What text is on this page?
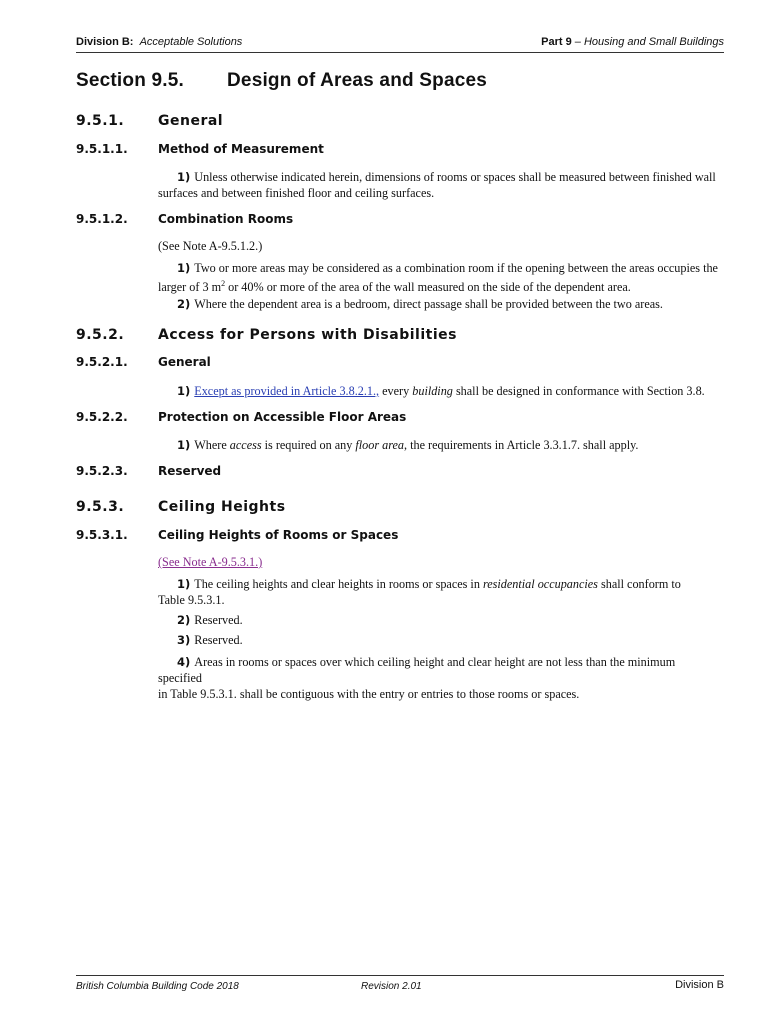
Division B: Acceptable Solutions	Part 9 – Housing and Small Buildings
Section 9.5. Design of Areas and Spaces
9.5.1. General
9.5.1.1.	Method of Measurement
1) Unless otherwise indicated herein, dimensions of rooms or spaces shall be measured between finished wall
surfaces and between finished floor and ceiling surfaces.
9.5.1.2.	Combination Rooms
(See Note A-9.5.1.2.)
1) Two or more areas may be considered as a combination room if the opening between the areas occupies the
larger of 3 $m^2$ or 40% or more of the area of the wall measured on the side of the dependent area.
2) Where the dependent area is a bedroom, direct passage shall be provided between the two areas.
9.5.2. Access for Persons with Disabilities
9.5.2.1.	General
1) Except as provided in Article 3.8.2.1., every building shall be designed in conformance with Section 3.8.
9.5.2.2.	Protection on Accessible Floor Areas
1) Where access is required on any floor area, the requirements in Article 3.3.1.7. shall apply.
9.5.2.3.	Reserved
9.5.3. Ceiling Heights
9.5.3.1.	Ceiling Heights of Rooms or Spaces
(See Note A-9.5.3.1.)
1) The ceiling heights and clear heights in rooms or spaces in residential occupancies shall conform to
Table 9.5.3.1.
2) Reserved.
3) Reserved.
4) Areas in rooms or spaces over which ceiling height and clear height are not less than the minimum specified
in Table 9.5.3.1. shall be contiguous with the entry or entries to those rooms or spaces.
British Columbia Building Code 2018	Revision 2.01	Division B
